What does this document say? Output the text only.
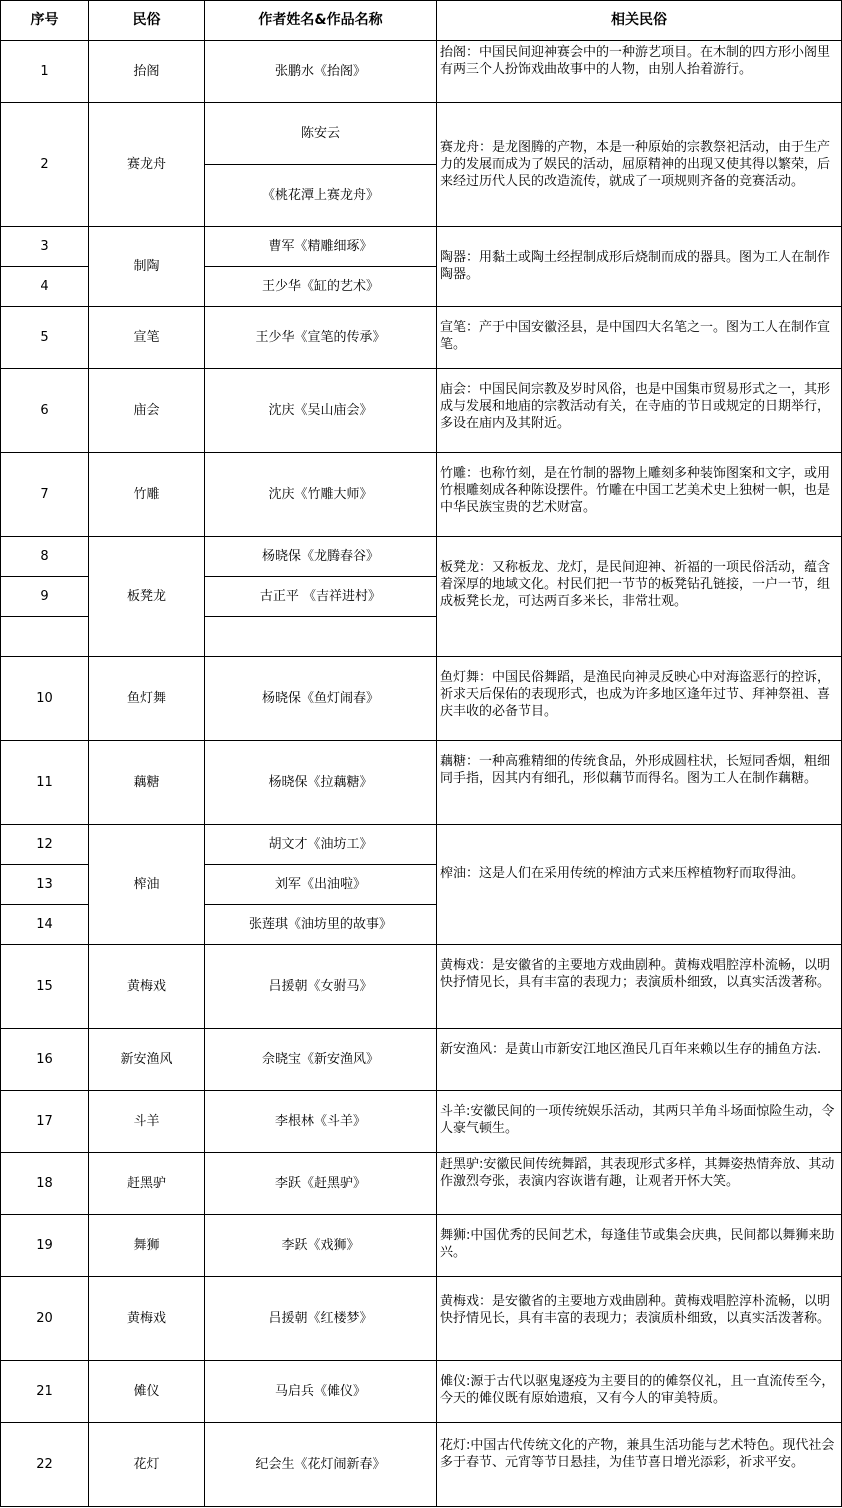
序号	民俗	作者姓名&作品名称	相关民俗
1	抬阁	张鹏水《抬阁》	抬阁：中国民间迎神赛会中的一种游艺项目。在木制的四方形小阁里有两三个人扮饰戏曲故事中的人物，由别人抬着游行。
2	赛龙舟	陈安云	赛龙舟：是龙图腾的产物，本是一种原始的宗教祭祀活动，由于生产力的发展而成为了娱民的活动，屈原精神的出现又使其得以繁荣，后来经过历代人民的改造流传，就成了一项规则齐备的竞赛活动。
		《桃花潭上赛龙舟》	
3	制陶	曹军《精雕细琢》	陶器：用黏土或陶土经捏制成形后烧制而成的器具。图为工人在制作陶器。
4		王少华《缸的艺术》	
5	宣笔	王少华《宣笔的传承》	宣笔：产于中国安徽泾县，是中国四大名笔之一。图为工人在制作宣笔。
6	庙会	沈庆《吴山庙会》	庙会：中国民间宗教及岁时风俗，也是中国集市贸易形式之一，其形成与发展和地庙的宗教活动有关，在寺庙的节日或规定的日期举行，多设在庙内及其附近。
7	竹雕	沈庆《竹雕大师》	竹雕：也称竹刻，是在竹制的器物上雕刻多种装饰图案和文字，或用竹根雕刻成各种陈设摆件。竹雕在中国工艺美术史上独树一帜，也是中华民族宝贵的艺术财富。
8	板凳龙	杨晓保《龙腾春谷》	板凳龙：又称板龙、龙灯，是民间迎神、祈福的一项民俗活动，蕴含着深厚的地域文化。村民们把一节节的板凳钻孔链接，一户一节，组成板凳长龙，可达两百多米长，非常壮观。
9		古正平 《吉祥进村》	

10	鱼灯舞	杨晓保《鱼灯闹春》	鱼灯舞：中国民俗舞蹈，是渔民向神灵反映心中对海盗恶行的控诉，祈求天后保佑的表现形式，也成为许多地区逢年过节、拜神祭祖、喜庆丰收的必备节目。
11	藕糖	杨晓保《拉藕糖》	藕糖：一种高雅精细的传统食品，外形成圆柱状，长短同香烟，粗细同手指，因其内有细孔，形似藕节而得名。图为工人在制作藕糖。
12	榨油	胡文才《油坊工》	榨油：这是人们在采用传统的榨油方式来压榨植物籽而取得油。
13		刘军《出油啦》	
14		张莲琪《油坊里的故事》	
15	黄梅戏	吕援朝《女驸马》	黄梅戏：是安徽省的主要地方戏曲剧种。黄梅戏唱腔淳朴流畅，以明快抒情见长，具有丰富的表现力；表演质朴细致，以真实活泼著称。
16	新安渔风	佘晓宝《新安渔风》	新安渔风：是黄山市新安江地区渔民几百年来赖以生存的捕鱼方法.
17	斗羊	李根林《斗羊》	斗羊:安徽民间的一项传统娱乐活动，其两只羊角斗场面惊险生动，令人豪气顿生。
18	赶黑驴	李跃《赶黑驴》	赶黑驴:安徽民间传统舞蹈，其表现形式多样，其舞姿热情奔放、其动作激烈夸张，表演内容诙谐有趣，让观者开怀大笑。
19	舞狮	李跃《戏狮》	舞狮:中国优秀的民间艺术，每逢佳节或集会庆典，民间都以舞狮来助兴。
20	黄梅戏	吕援朝《红楼梦》	黄梅戏：是安徽省的主要地方戏曲剧种。黄梅戏唱腔淳朴流畅，以明快抒情见长，具有丰富的表现力；表演质朴细致，以真实活泼著称。
21	傩仪	马启兵《傩仪》	傩仪:源于古代以驱鬼逐疫为主要目的的傩祭仪礼，且一直流传至今，今天的傩仪既有原始遗痕，又有今人的审美特质。
22	花灯	纪会生《花灯闹新春》	花灯:中国古代传统文化的产物，兼具生活功能与艺术特色。现代社会多于春节、元宵等节日悬挂，为佳节喜日增光添彩，祈求平安。
